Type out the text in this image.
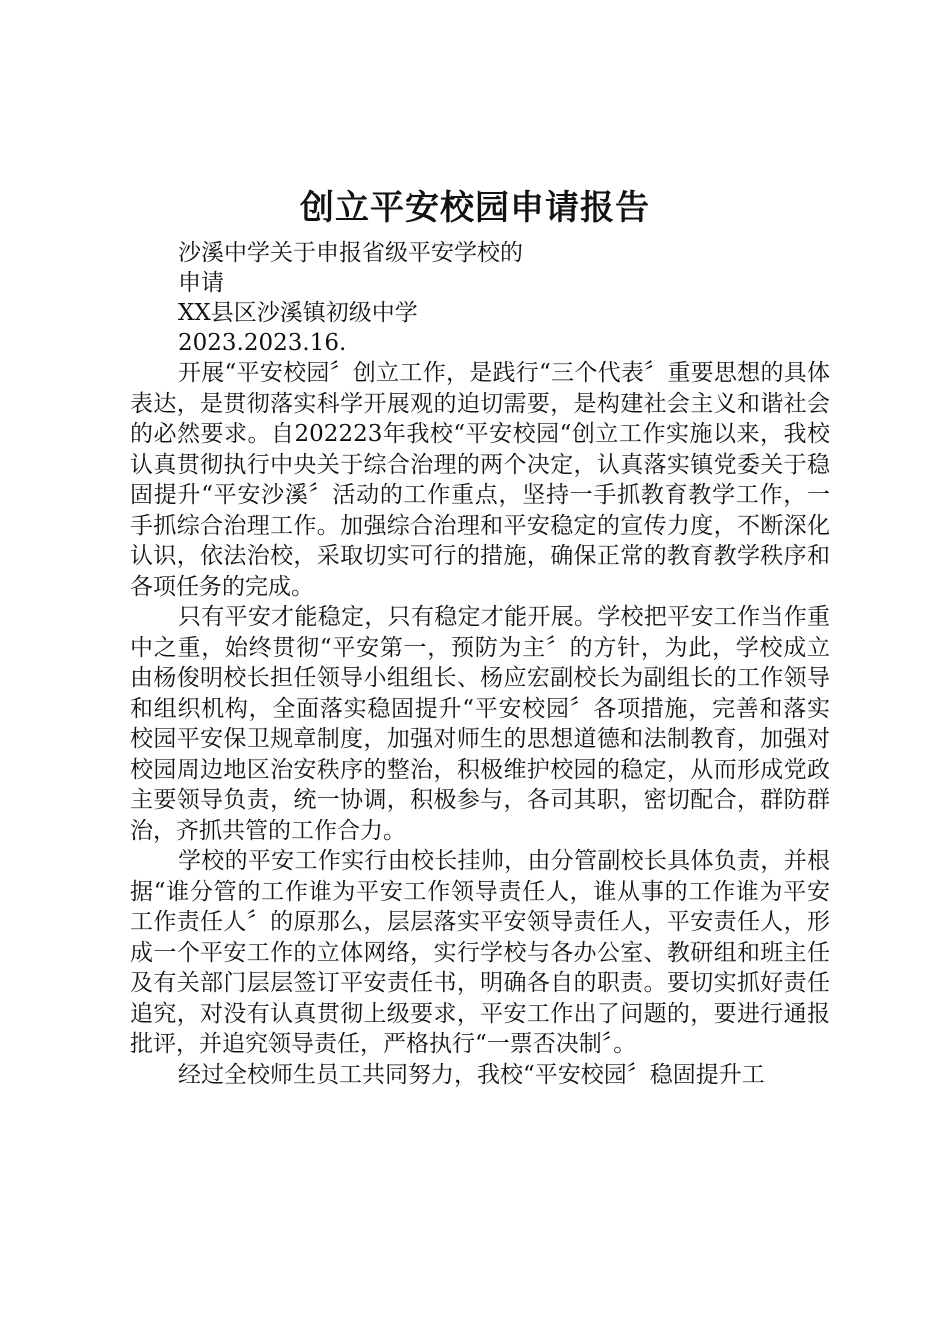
创立平安校园申请报告
沙溪中学关于申报省级平安学校的
申请
XX县区沙溪镇初级中学
2023.2023.16.

开展“平安校园〞创立工作，是践行“三个代表〞重要思想的具体表达，是贯彻落实科学开展观的迫切需要，是构建社会主义和谐社会的必然要求。自202223年我校“平安校园“创立工作实施以来，我校认真贯彻执行中央关于综合治理的两个决定，认真落实镇党委关于稳固提升“平安沙溪〞活动的工作重点，坚持一手抓教育教学工作，一手抓综合治理工作。加强综合治理和平安稳定的宣传力度，不断深化认识，依法治校，采取切实可行的措施，确保正常的教育教学秩序和各项任务的完成。

只有平安才能稳定，只有稳定才能开展。学校把平安工作当作重中之重，始终贯彻“平安第一，预防为主〞的方针，为此，学校成立由杨俊明校长担任领导小组组长、杨应宏副校长为副组长的工作领导和组织机构，全面落实稳固提升“平安校园〞各项措施，完善和落实校园平安保卫规章制度，加强对师生的思想道德和法制教育，加强对校园周边地区治安秩序的整治，积极维护校园的稳定，从而形成党政主要领导负责，统一协调，积极参与，各司其职，密切配合，群防群治，齐抓共管的工作合力。

学校的平安工作实行由校长挂帅，由分管副校长具体负责，并根据“谁分管的工作谁为平安工作领导责任人，谁从事的工作谁为平安工作责任人〞的原那么，层层落实平安领导责任人，平安责任人，形成一个平安工作的立体网络，实行学校与各办公室、教研组和班主任及有关部门层层签订平安责任书，明确各自的职责。要切实抓好责任追究，对没有认真贯彻上级要求，平安工作出了问题的，要进行通报批评，并追究领导责任，严格执行“一票否决制〞。

经过全校师生员工共同努力，我校“平安校园〞稳固提升工
